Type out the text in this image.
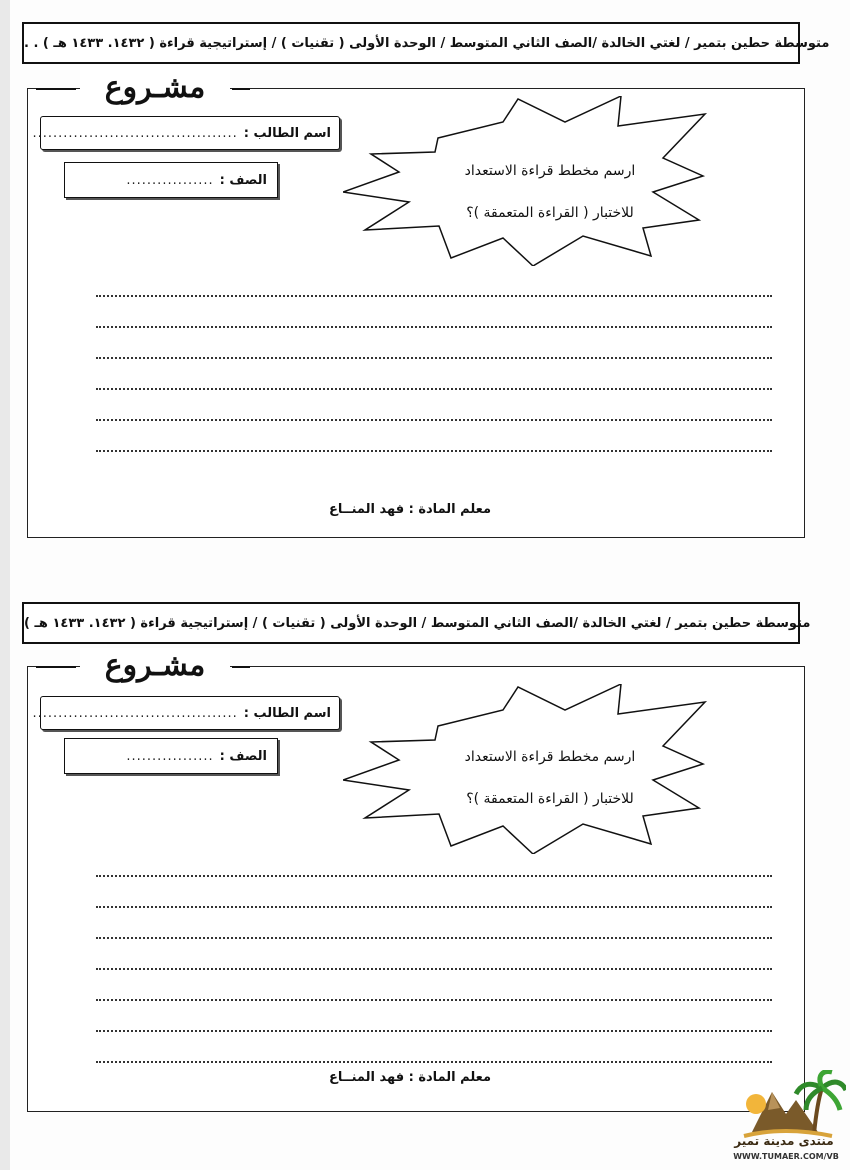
متوسطة حطين بتمير / لغتي الخالدة /الصف الثاني المتوسط / الوحدة الأولى ( تقنيات ) / إستراتيجية قراءة ( ١٤٣٢. ١٤٣٣ هـ ) . .
مشـروع
اسم الطالب :
........................................
الصف :
.................
ارسم مخطط قراءة الاستعداد
للاختبار ( القراءة المتعمقة )؟
معلم المادة : فهد المنــاع
متوسطة حطين بتمير / لغتي الخالدة /الصف الثاني المتوسط / الوحدة الأولى ( تقنيات ) / إستراتيجية قراءة ( ١٤٣٢. ١٤٣٣ هـ )
مشـروع
اسم الطالب :
........................................
الصف :
.................	ارسم مخطط قراءة الاستعداد
للاختبار ( القراءة المتعمقة )؟
معلم المادة : فهد المنــاع
منتدى مدينة تمير
WWW.TUMAER.COM/VB
